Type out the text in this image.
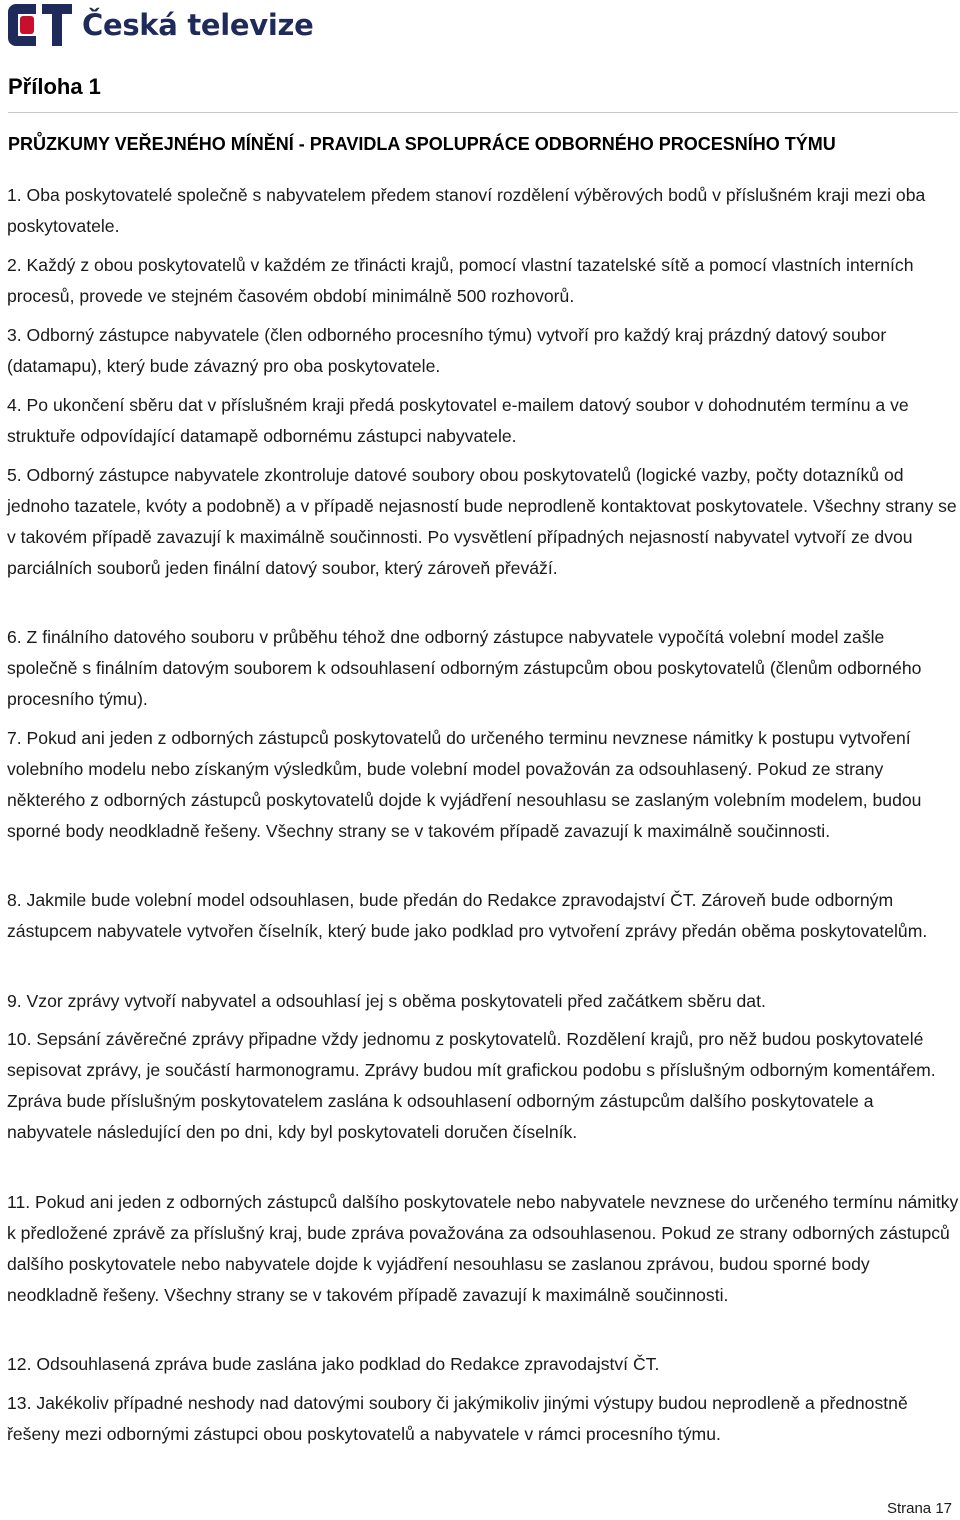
Česká televize
Příloha 1
PRŮZKUMY VEŘEJNÉHO MÍNĚNÍ - PRAVIDLA SPOLUPRÁCE ODBORNÉHO PROCESNÍHO TÝMU

1. Oba poskytovatelé společně s nabyvatelem předem stanoví rozdělení výběrových bodů v příslušném kraji mezi oba poskytovatele.

2. Každý z obou poskytovatelů v každém ze třinácti krajů, pomocí vlastní tazatelské sítě a pomocí vlastních interních procesů, provede ve stejném časovém období minimálně 500 rozhovorů.

3. Odborný zástupce nabyvatele (člen odborného procesního týmu) vytvoří pro každý kraj prázdný datový soubor (datamapu), který bude závazný pro oba poskytovatele.

4. Po ukončení sběru dat v příslušném kraji předá poskytovatel e-mailem datový soubor v dohodnutém termínu a ve struktuře odpovídající datamapě odbornému zástupci nabyvatele.

5. Odborný zástupce nabyvatele zkontroluje datové soubory obou poskytovatelů (logické vazby, počty dotazníků od jednoho tazatele, kvóty a podobně) a v případě nejasností bude neprodleně kontaktovat poskytovatele. Všechny strany se v takovém případě zavazují k maximálně součinnosti. Po vysvětlení případných nejasností nabyvatel vytvoří ze dvou parciálních souborů jeden finální datový soubor, který zároveň převáží.

6. Z finálního datového souboru v průběhu téhož dne odborný zástupce nabyvatele vypočítá volební model zašle společně s finálním datovým souborem k odsouhlasení odborným zástupcům obou poskytovatelů (členům odborného procesního týmu).

7. Pokud ani jeden z odborných zástupců poskytovatelů do určeného terminu nevznese námitky k postupu vytvoření volebního modelu nebo získaným výsledkům, bude volební model považován za odsouhlasený. Pokud ze strany některého z odborných zástupců poskytovatelů dojde k vyjádření nesouhlasu se zaslaným volebním modelem, budou sporné body neodkladně řešeny. Všechny strany se v takovém případě zavazují k maximálně součinnosti.

8. Jakmile bude volební model odsouhlasen, bude předán do Redakce zpravodajství ČT. Zároveň bude odborným zástupcem nabyvatele vytvořen číselník, který bude jako podklad pro vytvoření zprávy předán oběma poskytovatelům.

9. Vzor zprávy vytvoří nabyvatel a odsouhlasí jej s oběma poskytovateli před začátkem sběru dat.

10. Sepsání závěrečné zprávy připadne vždy jednomu z poskytovatelů. Rozdělení krajů, pro něž budou poskytovatelé sepisovat zprávy, je součástí harmonogramu. Zprávy budou mít grafickou podobu s příslušným odborným komentářem. Zpráva bude příslušným poskytovatelem zaslána k odsouhlasení odborným zástupcům dalšího poskytovatele a nabyvatele následující den po dni, kdy byl poskytovateli doručen číselník.

11. Pokud ani jeden z odborných zástupců dalšího poskytovatele nebo nabyvatele nevznese do určeného termínu námitky k předložené zprávě za příslušný kraj, bude zpráva považována za odsouhlasenou. Pokud ze strany odborných zástupců dalšího poskytovatele nebo nabyvatele dojde k vyjádření nesouhlasu se zaslanou zprávou, budou sporné body neodkladně řešeny. Všechny strany se v takovém případě zavazují k maximálně součinnosti.

12. Odsouhlasená zpráva bude zaslána jako podklad do Redakce zpravodajství ČT.

13. Jakékoliv případné neshody nad datovými soubory či jakýmikoliv jinými výstupy budou neprodleně a přednostně řešeny mezi odbornými zástupci obou poskytovatelů a nabyvatele v rámci procesního týmu.

Strana 17
